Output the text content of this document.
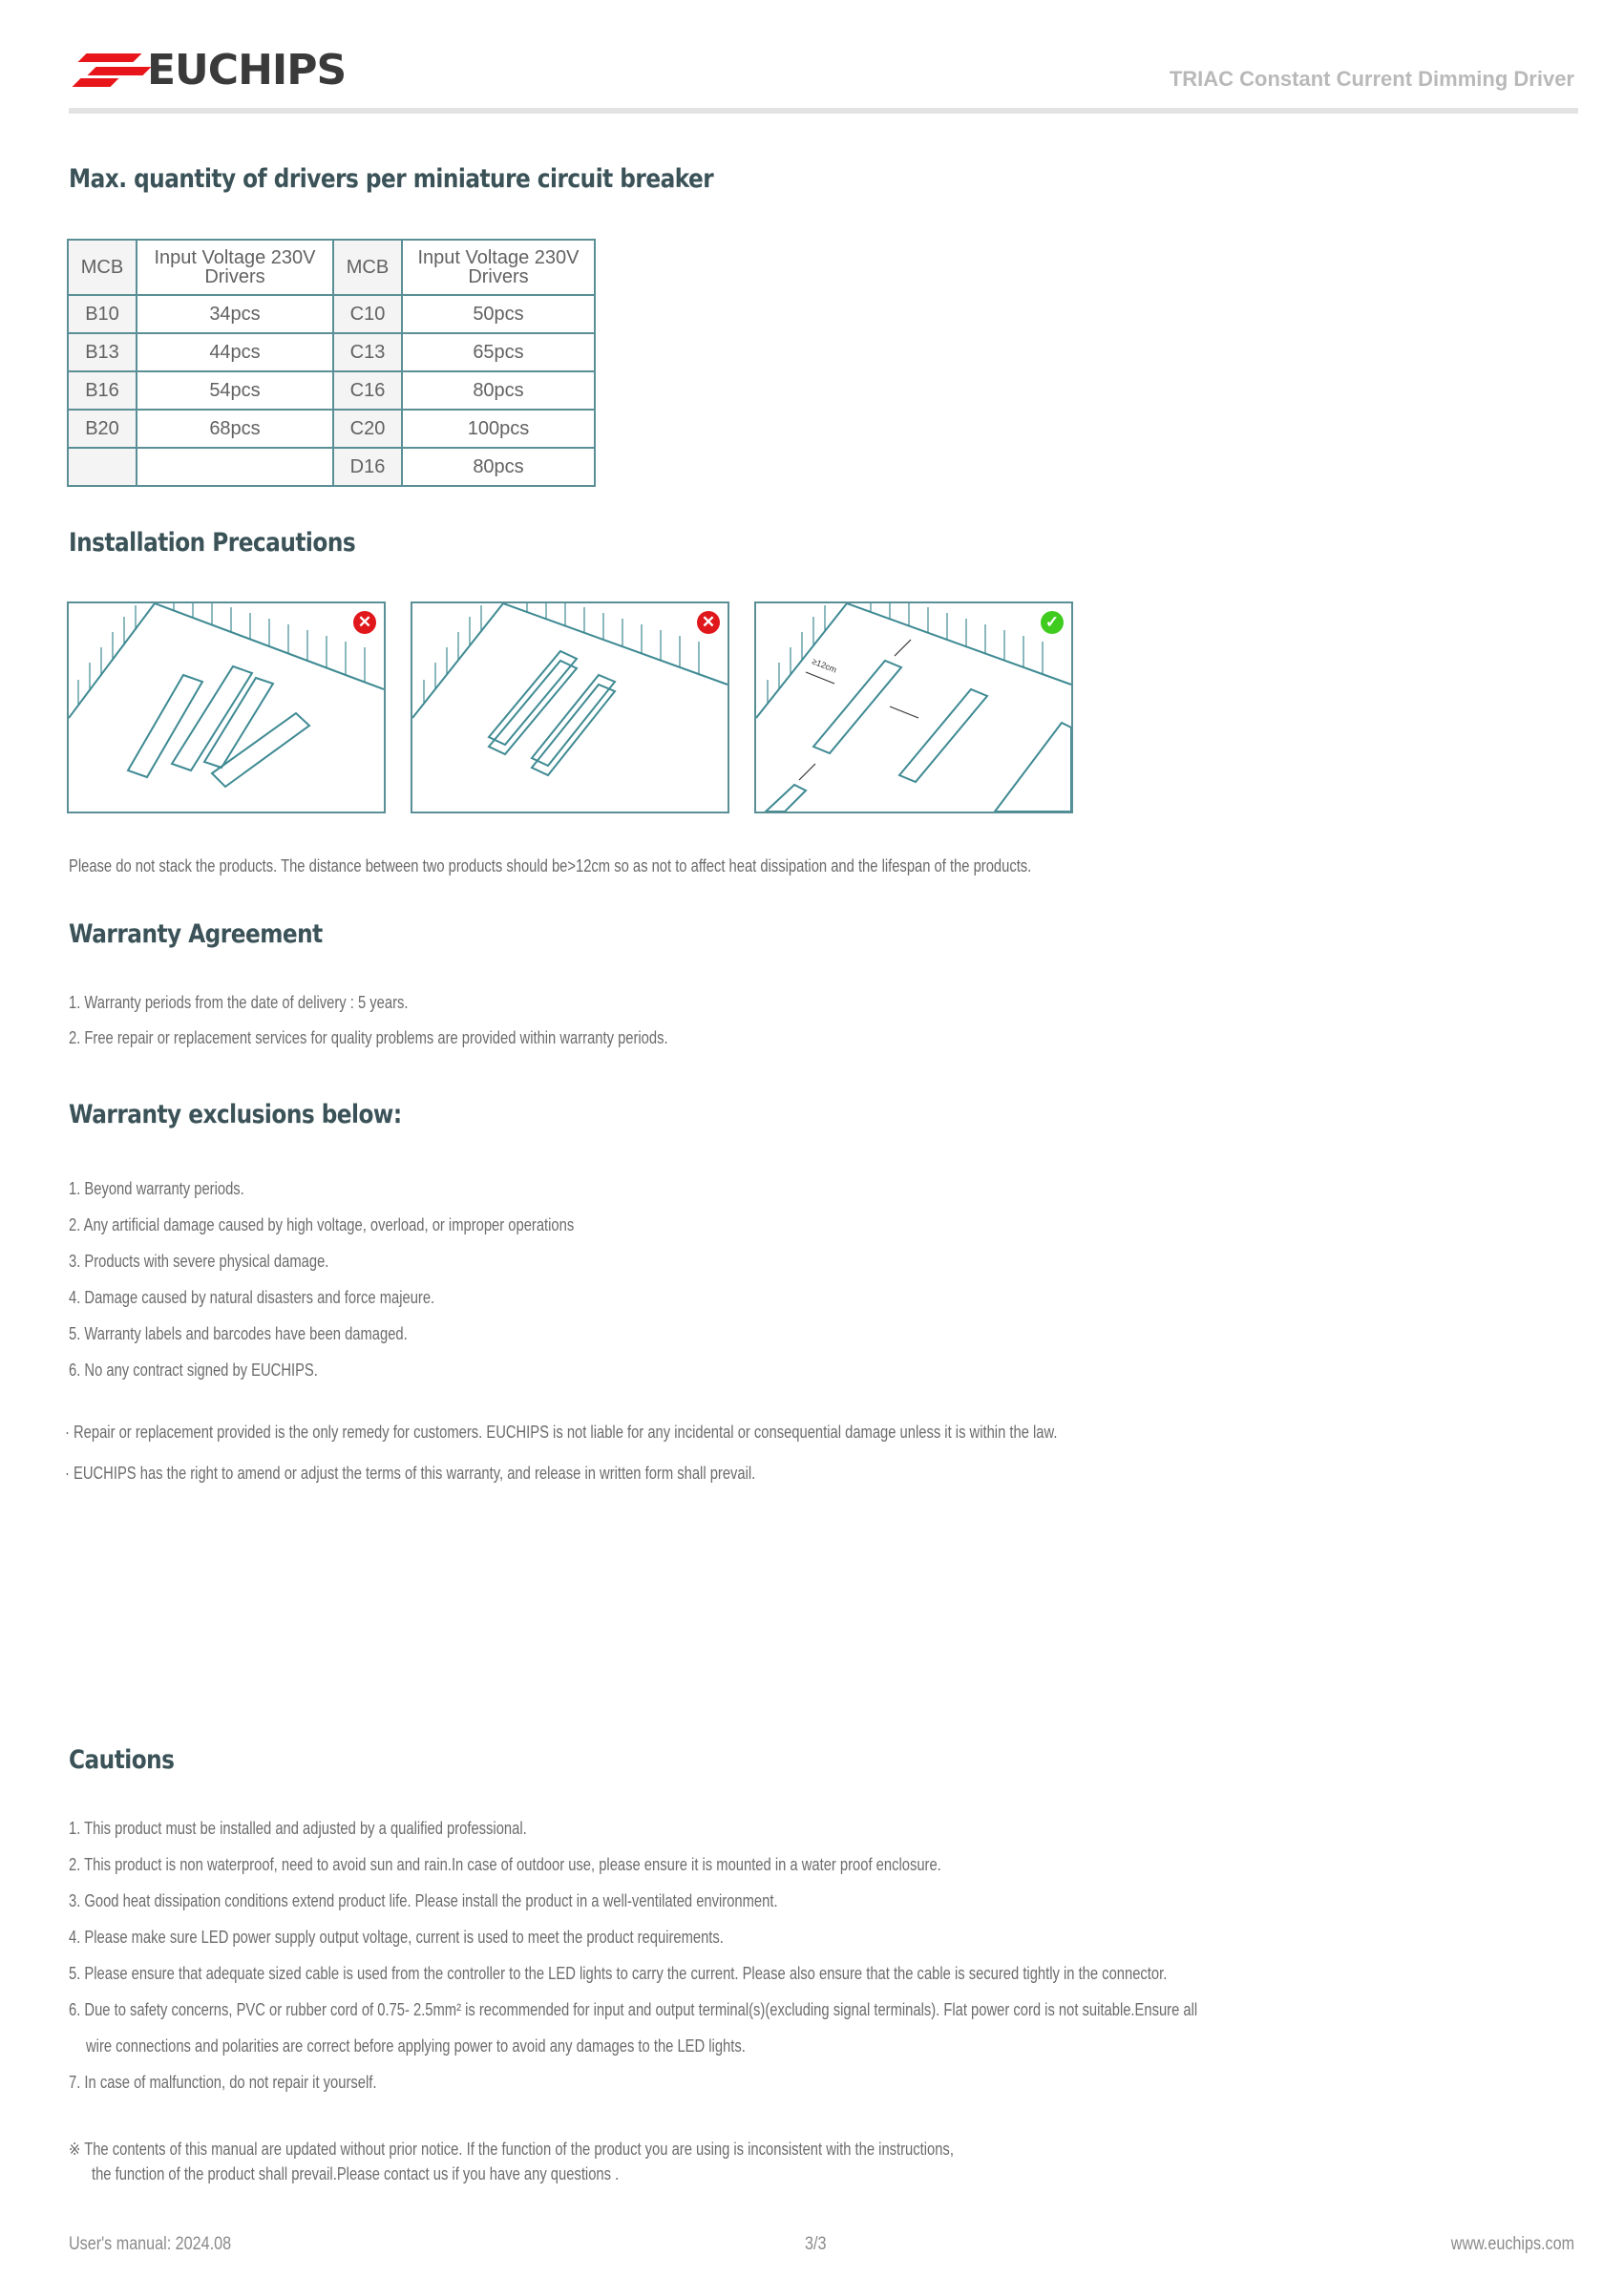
EUCHIPS	TRIAC Constant Current Dimming Driver
Max. quantity of drivers per miniature circuit breaker
MCB	Input Voltage 230V Drivers	MCB	Input Voltage 230V Drivers
B10	34pcs	C10	50pcs
B13	44pcs	C13	65pcs
B16	54pcs	C16	80pcs
B20	68pcs	C20	100pcs
		D16	80pcs
Installation Precautions
✕	✕
≥12cm
✓
Please do not stack the products. The distance between two products should be>12cm so as not to affect heat dissipation and the lifespan of the products.
Warranty Agreement
1. Warranty periods from the date of delivery : 5 years.
2. Free repair or replacement services for quality problems are provided within warranty periods.
Warranty exclusions below:
1. Beyond warranty periods.
2. Any artificial damage caused by high voltage, overload, or improper operations
3. Products with severe physical damage.
4. Damage caused by natural disasters and force majeure.
5. Warranty labels and barcodes have been damaged.
6. No any contract signed by EUCHIPS.
· Repair or replacement provided is the only remedy for customers. EUCHIPS is not liable for any incidental or consequential damage unless it is within the law.
· EUCHIPS has the right to amend or adjust the terms of this warranty, and release in written form shall prevail.
Cautions
1. This product must be installed and adjusted by a qualified professional.
2. This product is non waterproof, need to avoid sun and rain.In case of outdoor use, please ensure it is mounted in a water proof enclosure.
3. Good heat dissipation conditions extend product life. Please install the product in a well-ventilated environment.
4. Please make sure LED power supply output voltage, current is used to meet the product requirements.
5. Please ensure that adequate sized cable is used from the controller to the LED lights to carry the current. Please also ensure that the cable is secured tightly in the connector.
6. Due to safety concerns, PVC or rubber cord of 0.75- 2.5mm² is recommended for input and output terminal(s)(excluding signal terminals). Flat power cord is not suitable.Ensure all
wire connections and polarities are correct before applying power to avoid any damages to the LED lights.
7. In case of malfunction, do not repair it yourself.
※ The contents of this manual are updated without prior notice. If the function of the product you are using is inconsistent with the instructions,
the function of the product shall prevail.Please contact us if you have any questions .
User's manual: 2024.08	3/3	www.euchips.com
